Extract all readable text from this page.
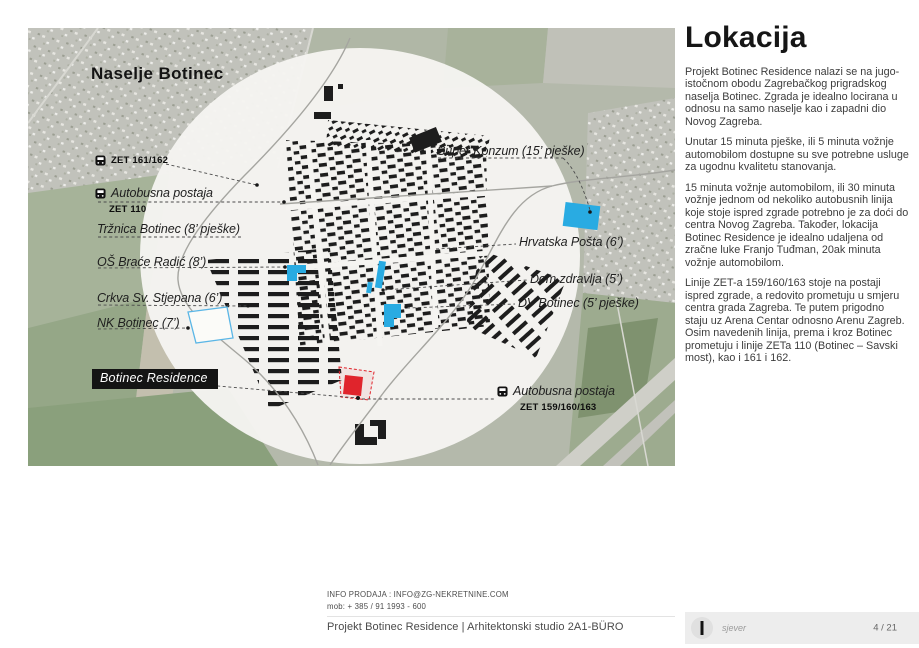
Naselje Botinec
ZET 161/162
Autobusna postaja
ZET 110
Tržnica Botinec (8’ pješke)
OŠ Braće Radić (8’)
Crkva Sv. Stjepana (6’)
NK Botinec (7’)
Botinec Residence
Super Konzum (15’ pješke)
Hrvatska Pošta (6’)
Dom zdravlja (5’)
DV Botinec (5’ pješke)
Autobusna postaja
ZET 159/160/163
Lokacija

Projekt Botinec Residence nalazi se na jugo-istočnom obodu Zagrebačkog prigradskog naselja Botinec. Zgrada je idealno locirana u odnosu na samo naselje kao i zapadni dio Novog Zagreba.

Unutar 15 minuta pješke, ili 5 minuta vožnje automobilom dostupne su sve potrebne usluge za ugodnu kvalitetu stanovanja.

15 minuta vožnje automobilom, ili 30 minuta vožnje jednom od nekoliko autobusnih linija koje stoje ispred zgrade potrebno je za doći do centra Novog Zagreba. Također, lokacija Botinec Residence je idealno udaljena od zračne luke Franjo Tuđman, 20ak minuta vožnje automobilom.

Linije ZET-a 159/160/163 stoje na postaji ispred zgrade, a redovito prometuju u smjeru centra grada Zagreba. Te putem prigodno staju uz Arena Centar odnosno Arenu Zagreb. Osim navedenih linija, prema i kroz Botinec prometuju i linije ZETa 110 (Botinec – Savski most), kao i 161 i 162.

INFO PRODAJA : INFO@ZG-NEKRETNINE.COM
mob: + 385 / 91 1993 - 600
Projekt Botinec Residence | Arhitektonski studio 2A1-BÜRO	sjever	4 / 21
